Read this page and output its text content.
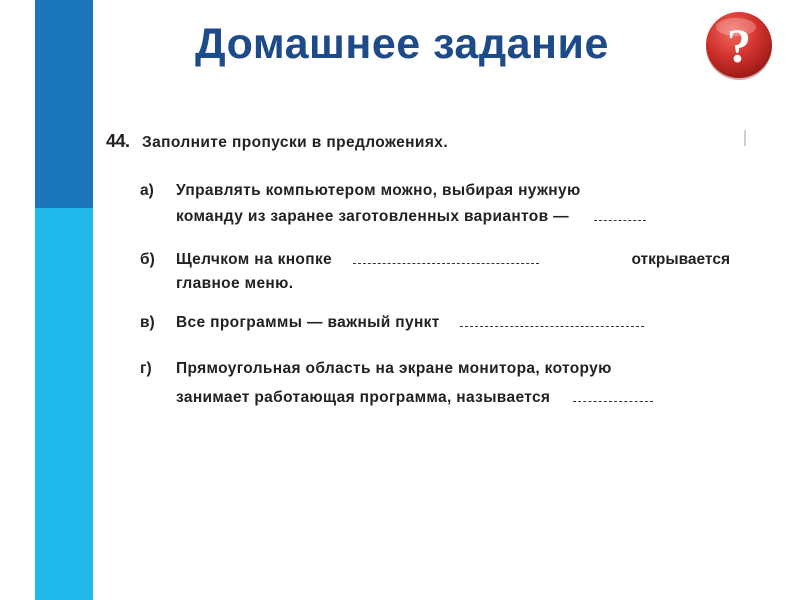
Домашнее задание ?
44. Заполните пропуски в предложениях.
а) Управлять компьютером можно, выбирая нужную
команду из заранее заготовленных вариантов —
б) Щелчком на кнопке	открывается
главное меню.
в) Все программы — важный пункт
г) Прямоугольная область на экране монитора, которую
занимает работающая программа, называется
